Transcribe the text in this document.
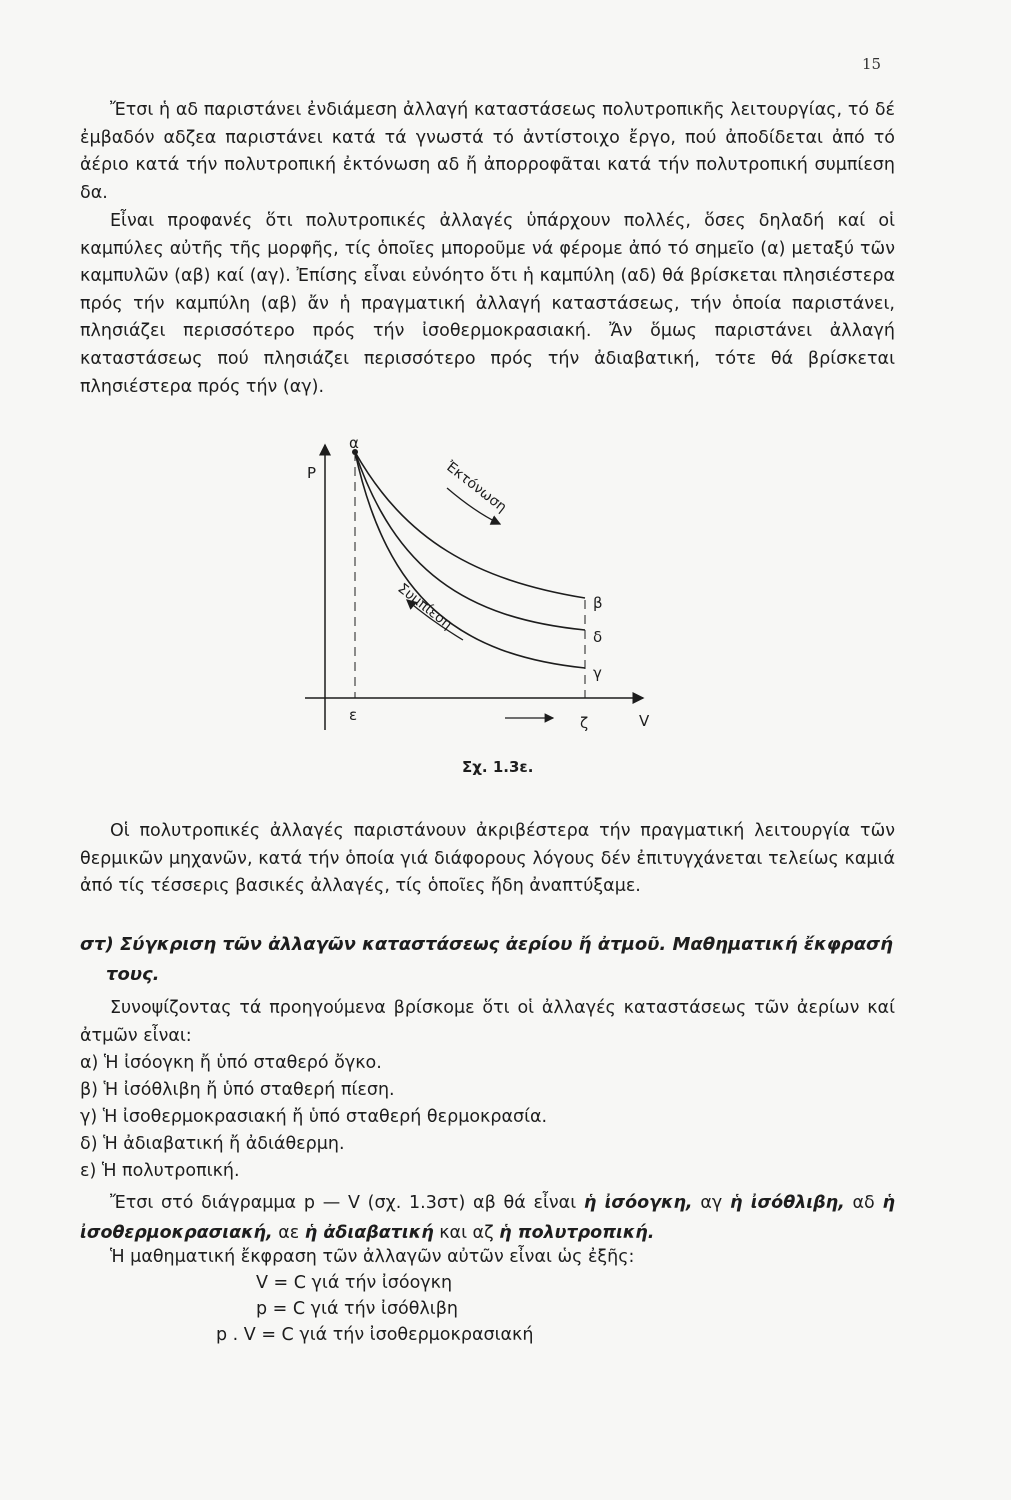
15

Ἔτσι ἡ αδ παριστάνει ἐνδιάμεση ἀλλαγή καταστάσεως πολυτροπικῆς λειτουργίας, τό δέ ἐμβαδόν αδζεα παριστάνει κατά τά γνωστά τό ἀντίστοιχο ἔργο, πού ἀποδίδεται ἀπό τό ἀέριο κατά τήν πολυτροπική ἐκτόνωση αδ ἤ ἀπορροφᾶται κατά τήν πολυτροπική συμπίεση δα.

Εἶναι προφανές ὅτι πολυτροπικές ἀλλαγές ὑπάρχουν πολλές, ὅσες δηλαδή καί οἱ καμπύλες αὐτῆς τῆς μορφῆς, τίς ὁποῖες μποροῦμε νά φέρομε ἀπό τό σημεῖο (α) μεταξύ τῶν καμπυλῶν (αβ) καί (αγ). Ἐπίσης εἶναι εὐνόητο ὅτι ἡ καμπύλη (αδ) θά βρίσκεται πλησιέστερα πρός τήν καμπύλη (αβ) ἄν ἡ πραγματική ἀλλαγή καταστάσεως, τήν ὁποία παριστάνει, πλησιάζει περισσότερο πρός τήν ἰσοθερμοκρασιακή. Ἄν ὅμως παριστάνει ἀλλαγή καταστάσεως πού πλησιάζει περισσότερο πρός τήν ἀδιαβατική, τότε θά βρίσκεται πλησιέστερα πρός τήν (αγ).

P
V
α
β
δ
γ
ε	ζ
Ἐκτόνωση
Συμπίεση
Σχ. 1.3ε.

Οἱ πολυτροπικές ἀλλαγές παριστάνουν ἀκριβέστερα τήν πραγματική λειτουργία τῶν θερμικῶν μηχανῶν, κατά τήν ὁποία γιά διάφορους λόγους δέν ἐπιτυγχάνεται τελείως καμιά ἀπό τίς τέσσερις βασικές ἀλλαγές, τίς ὁποῖες ἤδη ἀναπτύξαμε.

στ) Σύγκριση τῶν ἀλλαγῶν καταστάσεως ἀερίου ἤ ἀτμοῦ. Μαθηματική ἔκφρασή
τους.

Συνοψίζοντας τά προηγούμενα βρίσκομε ὅτι οἱ ἀλλαγές καταστάσεως τῶν ἀερίων καί ἀτμῶν εἶναι:

α) Ἡ ἰσόογκη ἤ ὑπό σταθερό ὄγκο.
β) Ἡ ἰσόθλιβη ἤ ὑπό σταθερή πίεση.
γ) Ἡ ἰσοθερμοκρασιακή ἤ ὑπό σταθερή θερμοκρασία.
δ) Ἡ ἀδιαβατική ἤ ἀδιάθερμη.
ε) Ἡ πολυτροπική.

Ἔτσι στό διάγραμμα p — V (σχ. 1.3στ) αβ θά εἶναι ἡ ἰσόογκη, αγ ἡ ἰσόθλιβη, αδ ἡ ἰσοθερμοκρασιακή, αε ἡ ἀδιαβατική και αζ ἡ πολυτροπική.

Ἡ μαθηματική ἔκφραση τῶν ἀλλαγῶν αὐτῶν εἶναι ὡς ἐξῆς:
V = C γιά τήν ἰσόογκη
p = C γιά τήν ἰσόθλιβη
p . V = C γιά τήν ἰσοθερμοκρασιακή
